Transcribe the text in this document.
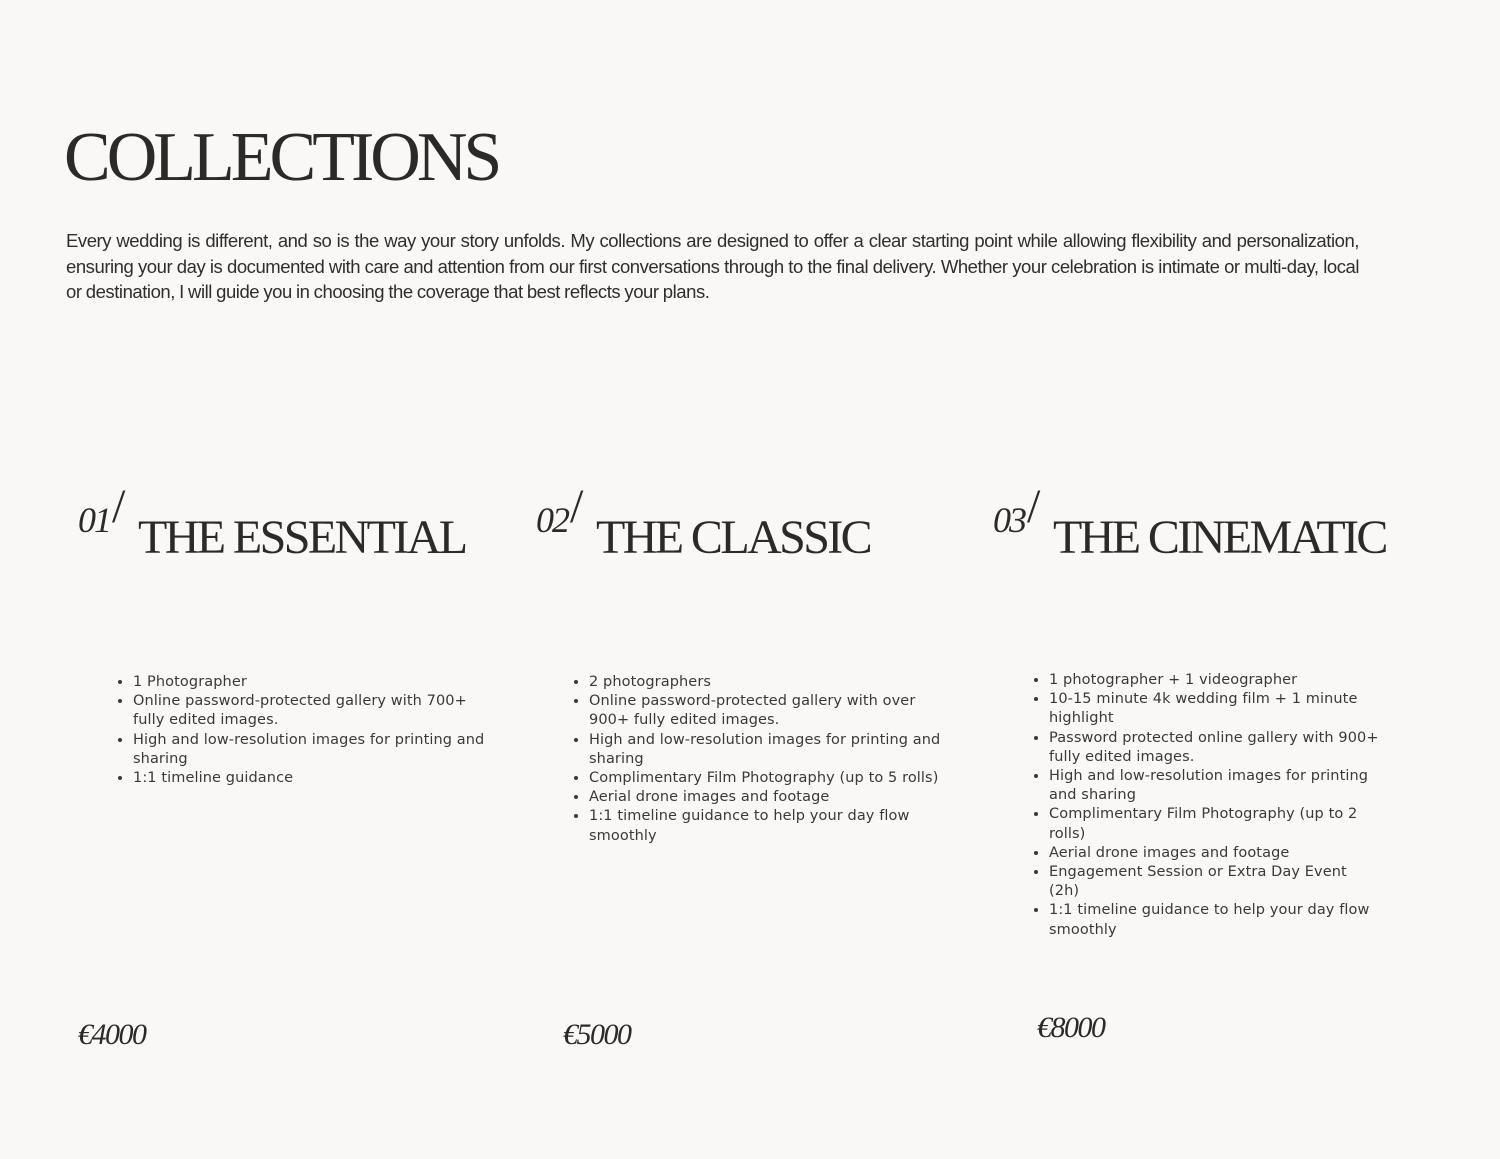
COLLECTIONS

Every wedding is different, and so is the way your story unfolds. My collections are designed to offer a clear starting point while allowing flexibility and personalization, ensuring your day is documented with care and attention from our first conversations through to the final delivery. Whether your celebration is intimate or multi-day, local or destination, I will guide you in choosing the coverage that best reflects your plans.

01/
THE ESSENTIAL
• 1 Photographer
• Online password-protected gallery with 700+ fully edited images.
• High and low-resolution images for printing and sharing
• 1:1 timeline guidance
€4000
02/
THE CLASSIC
• 2 photographers
• Online password-protected gallery with over 900+ fully edited images.
• High and low-resolution images for printing and sharing
• Complimentary Film Photography (up to 5 rolls)
• Aerial drone images and footage
• 1:1 timeline guidance to help your day flow smoothly
€5000
03/
THE CINEMATIC
• 1 photographer + 1 videographer
• 10-15 minute 4k wedding film + 1 minute highlight
• Password protected online gallery with 900+ fully edited images.
• High and low-resolution images for printing and sharing
• Complimentary Film Photography (up to 2 rolls)
• Aerial drone images and footage
• Engagement Session or Extra Day Event (2h)
• 1:1 timeline guidance to help your day flow smoothly
€8000
